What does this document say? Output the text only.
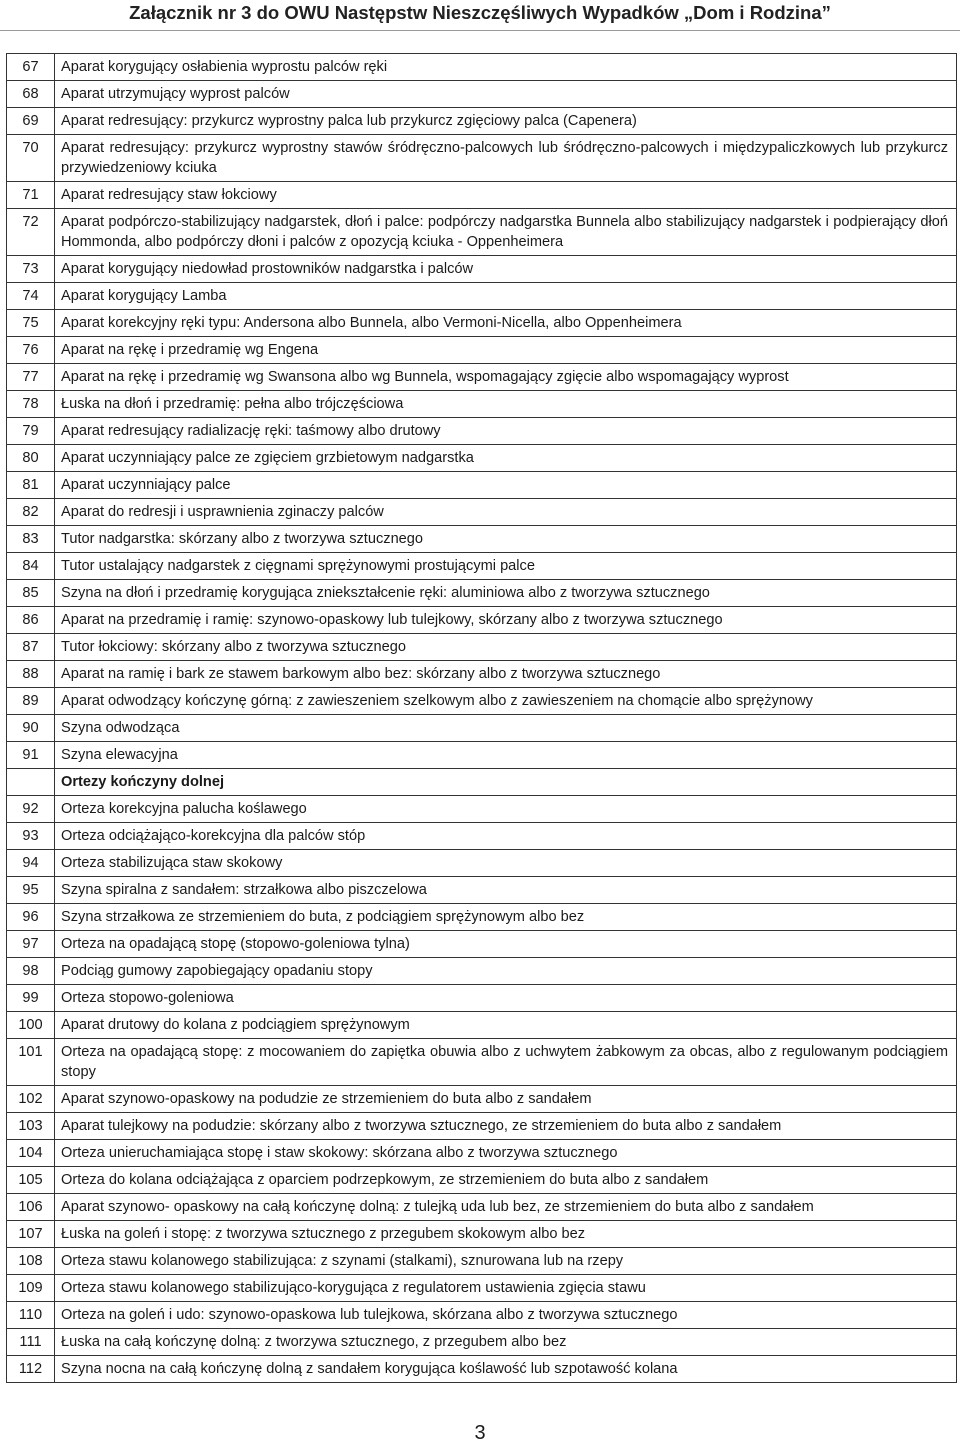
Załącznik nr 3 do OWU Następstw Nieszczęśliwych Wypadków „Dom i Rodzina”
67	Aparat korygujący osłabienia wyprostu palców ręki
68	Aparat utrzymujący wyprost palców
69	Aparat redresujący: przykurcz wyprostny palca lub przykurcz zgięciowy palca (Capenera)
70	Aparat redresujący: przykurcz wyprostny stawów śródręczno-palcowych lub śródręczno-palcowych i międzypaliczkowych lub przykurcz przywiedzeniowy kciuka
71	Aparat redresujący staw łokciowy
72	Aparat podpórczo-stabilizujący nadgarstek, dłoń i palce: podpórczy nadgarstka Bunnela albo stabilizujący nadgarstek i podpierający dłoń Hommonda, albo podpórczy dłoni i palców z opozycją kciuka - Oppenheimera
73	Aparat korygujący niedowład prostowników nadgarstka i palców
74	Aparat korygujący Lamba
75	Aparat korekcyjny ręki typu: Andersona albo Bunnela, albo Vermoni-Nicella, albo Oppenheimera
76	Aparat na rękę i przedramię wg Engena
77	Aparat na rękę i przedramię wg Swansona albo wg Bunnela, wspomagający zgięcie albo wspomagający wyprost
78	Łuska na dłoń i przedramię: pełna albo trójczęściowa
79	Aparat redresujący radializację ręki: taśmowy albo drutowy
80	Aparat uczynniający palce ze zgięciem grzbietowym nadgarstka
81	Aparat uczynniający palce
82	Aparat do redresji i usprawnienia zginaczy palców
83	Tutor nadgarstka: skórzany albo z tworzywa sztucznego
84	Tutor ustalający nadgarstek z cięgnami sprężynowymi prostującymi palce
85	Szyna na dłoń i przedramię korygująca zniekształcenie ręki: aluminiowa albo z tworzywa sztucznego
86	Aparat na przedramię i ramię: szynowo-opaskowy lub tulejkowy, skórzany albo z tworzywa sztucznego
87	Tutor łokciowy: skórzany albo z tworzywa sztucznego
88	Aparat na ramię i bark ze stawem barkowym albo bez: skórzany albo z tworzywa sztucznego
89	Aparat odwodzący kończynę górną: z zawieszeniem szelkowym albo z zawieszeniem na chomącie albo sprężynowy
90	Szyna odwodząca
91	Szyna elewacyjna
	Ortezy kończyny dolnej
92	Orteza korekcyjna palucha koślawego
93	Orteza odciążająco-korekcyjna dla palców stóp
94	Orteza stabilizująca staw skokowy
95	Szyna spiralna z sandałem: strzałkowa albo piszczelowa
96	Szyna strzałkowa ze strzemieniem do buta, z podciągiem sprężynowym albo bez
97	Orteza na opadającą stopę (stopowo-goleniowa tylna)
98	Podciąg gumowy zapobiegający opadaniu stopy
99	Orteza stopowo-goleniowa
100	Aparat drutowy do kolana z podciągiem sprężynowym
101	Orteza na opadającą stopę: z mocowaniem do zapiętka obuwia albo z uchwytem żabkowym za obcas, albo z regulowanym podciągiem stopy
102	Aparat szynowo-opaskowy na podudzie ze strzemieniem do buta albo z sandałem
103	Aparat tulejkowy na podudzie: skórzany albo z tworzywa sztucznego, ze strzemieniem do buta albo z sandałem
104	Orteza unieruchamiająca stopę i staw skokowy: skórzana albo z tworzywa sztucznego
105	Orteza do kolana odciążająca z oparciem podrzepkowym, ze strzemieniem do buta albo z sandałem
106	Aparat szynowo- opaskowy na całą kończynę dolną: z tulejką uda lub bez, ze strzemieniem do buta albo z sandałem
107	Łuska na goleń i stopę: z tworzywa sztucznego z przegubem skokowym albo bez
108	Orteza stawu kolanowego stabilizująca: z szynami (stalkami), sznurowana lub na rzepy
109	Orteza stawu kolanowego stabilizująco-korygująca z regulatorem ustawienia zgięcia stawu
110	Orteza na goleń i udo: szynowo-opaskowa lub tulejkowa, skórzana albo z tworzywa sztucznego
111	Łuska na całą kończynę dolną: z tworzywa sztucznego, z przegubem albo bez
112	Szyna nocna na całą kończynę dolną z sandałem korygująca koślawość lub szpotawość kolana
3
